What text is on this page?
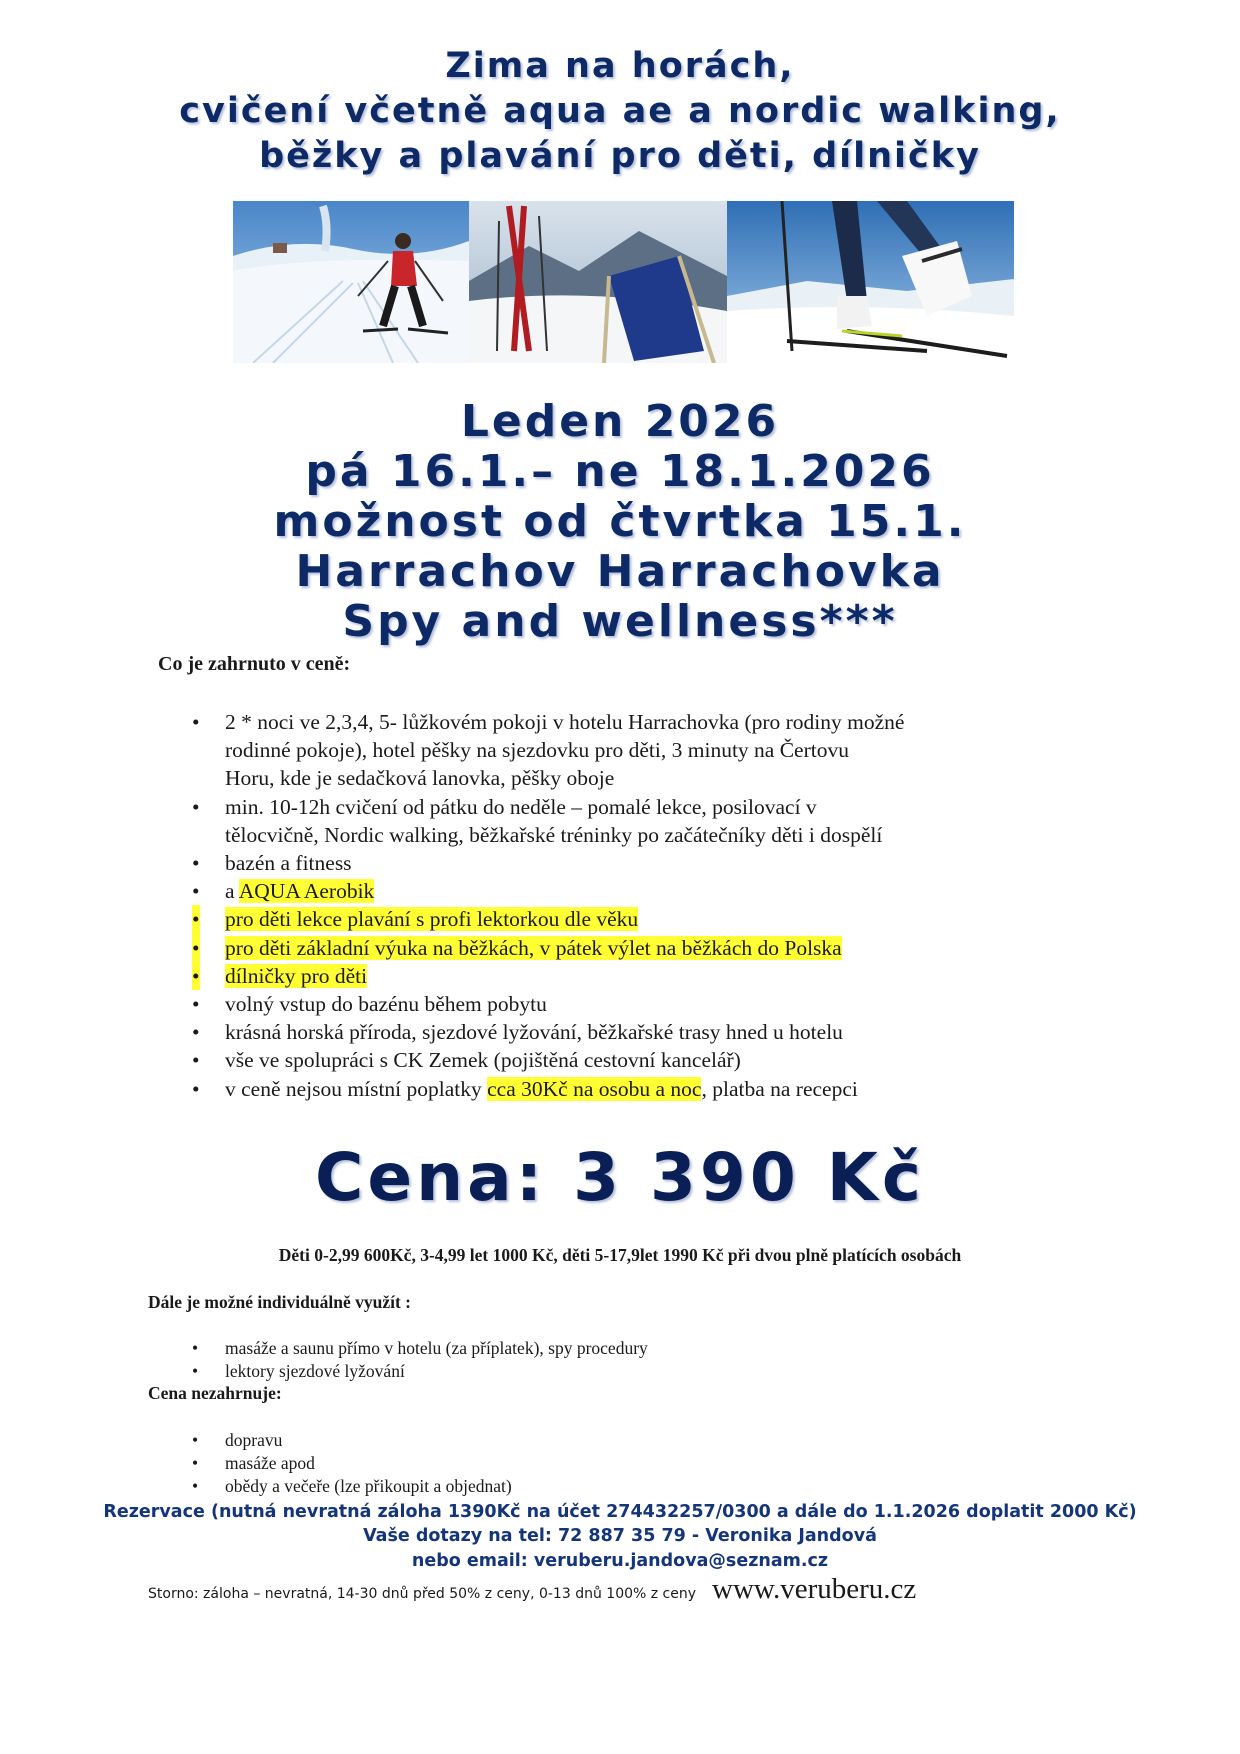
Zima na horách,
cvičení včetně aqua ae a nordic walking,
běžky a plavání pro děti, dílničky
Leden 2026
pá 16.1.– ne 18.1.2026
možnost od čtvrtka 15.1.
Harrachov Harrachovka
Spy and wellness***
Co je zahrnuto v ceně:
• 2 * noci ve 2,3,4, 5- lůžkovém pokoji v hotelu Harrachovka (pro rodiny možné
rodinné pokoje), hotel pěšky na sjezdovku pro děti, 3 minuty na Čertovu
Horu, kde je sedačková lanovka, pěšky oboje
• min. 10-12h cvičení od pátku do neděle – pomalé lekce, posilovací v
tělocvičně, Nordic walking, běžkařské tréninky po začátečníky děti i dospělí
• bazén a fitness
• a AQUA Aerobik
• pro děti lekce plavání s profi lektorkou dle věku
• pro děti základní výuka na běžkách, v pátek výlet na běžkách do Polska
• dílničky pro děti
• volný vstup do bazénu během pobytu
• krásná horská příroda, sjezdové lyžování, běžkařské trasy hned u hotelu
• vše ve spolupráci s CK Zemek (pojištěná cestovní kancelář)
• v ceně nejsou místní poplatky cca 30Kč na osobu a noc, platba na recepci
Cena: 3 390 Kč
Děti 0-2,99 600Kč, 3-4,99 let 1000 Kč, děti 5-17,9let 1990 Kč při dvou plně platících osobách
Dále je možné individuálně využít :
• masáže a saunu přímo v hotelu (za příplatek), spy procedury
• lektory sjezdové lyžování
Cena nezahrnuje:
• dopravu
• masáže apod
• obědy a večeře (lze přikoupit a objednat)
Rezervace (nutná nevratná záloha 1390Kč na účet 274432257/0300 a dále do 1.1.2026 doplatit 2000 Kč)
Vaše dotazy na tel: 72 887 35 79 - Veronika Jandová
nebo email: veruberu.jandova@seznam.cz
Storno: záloha – nevratná, 14-30 dnů před 50% z ceny, 0-13 dnů 100% z ceny www.veruberu.cz
